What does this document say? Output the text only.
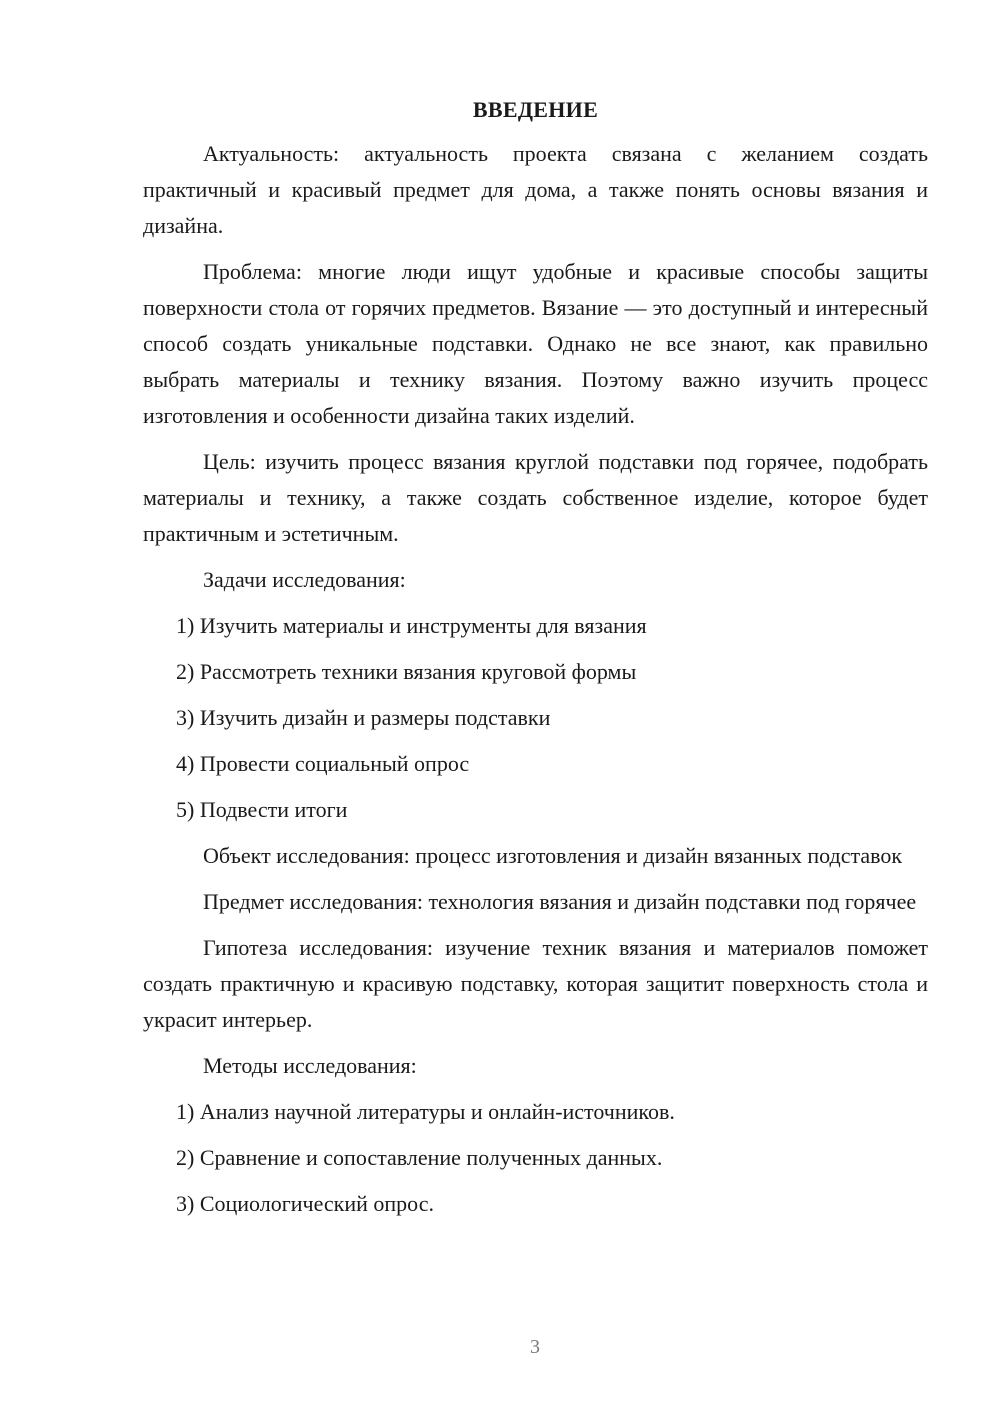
ВВЕДЕНИЕ

Актуальность: актуальность проекта связана с желанием создать практичный и красивый предмет для дома, а также понять основы вязания и дизайна.

Проблема: многие люди ищут удобные и красивые способы защиты поверхности стола от горячих предметов. Вязание — это доступный и интересный способ создать уникальные подставки. Однако не все знают, как правильно выбрать материалы и технику вязания. Поэтому важно изучить процесс изготовления и особенности дизайна таких изделий.

Цель: изучить процесс вязания круглой подставки под горячее, подобрать материалы и технику, а также создать собственное изделие, которое будет практичным и эстетичным.

Задачи исследования:

1) Изучить материалы и инструменты для вязания
2) Рассмотреть техники вязания круговой формы
3) Изучить дизайн и размеры подставки
4) Провести социальный опрос
5) Подвести итоги

Объект исследования: процесс изготовления и дизайн вязанных подставок

Предмет исследования: технология вязания и дизайн подставки под горячее

Гипотеза исследования: изучение техник вязания и материалов поможет создать практичную и красивую подставку, которая защитит поверхность стола и украсит интерьер.

Методы исследования:

1) Анализ научной литературы и онлайн-источников.
2) Сравнение и сопоставление полученных данных.
3) Социологический опрос.
3
